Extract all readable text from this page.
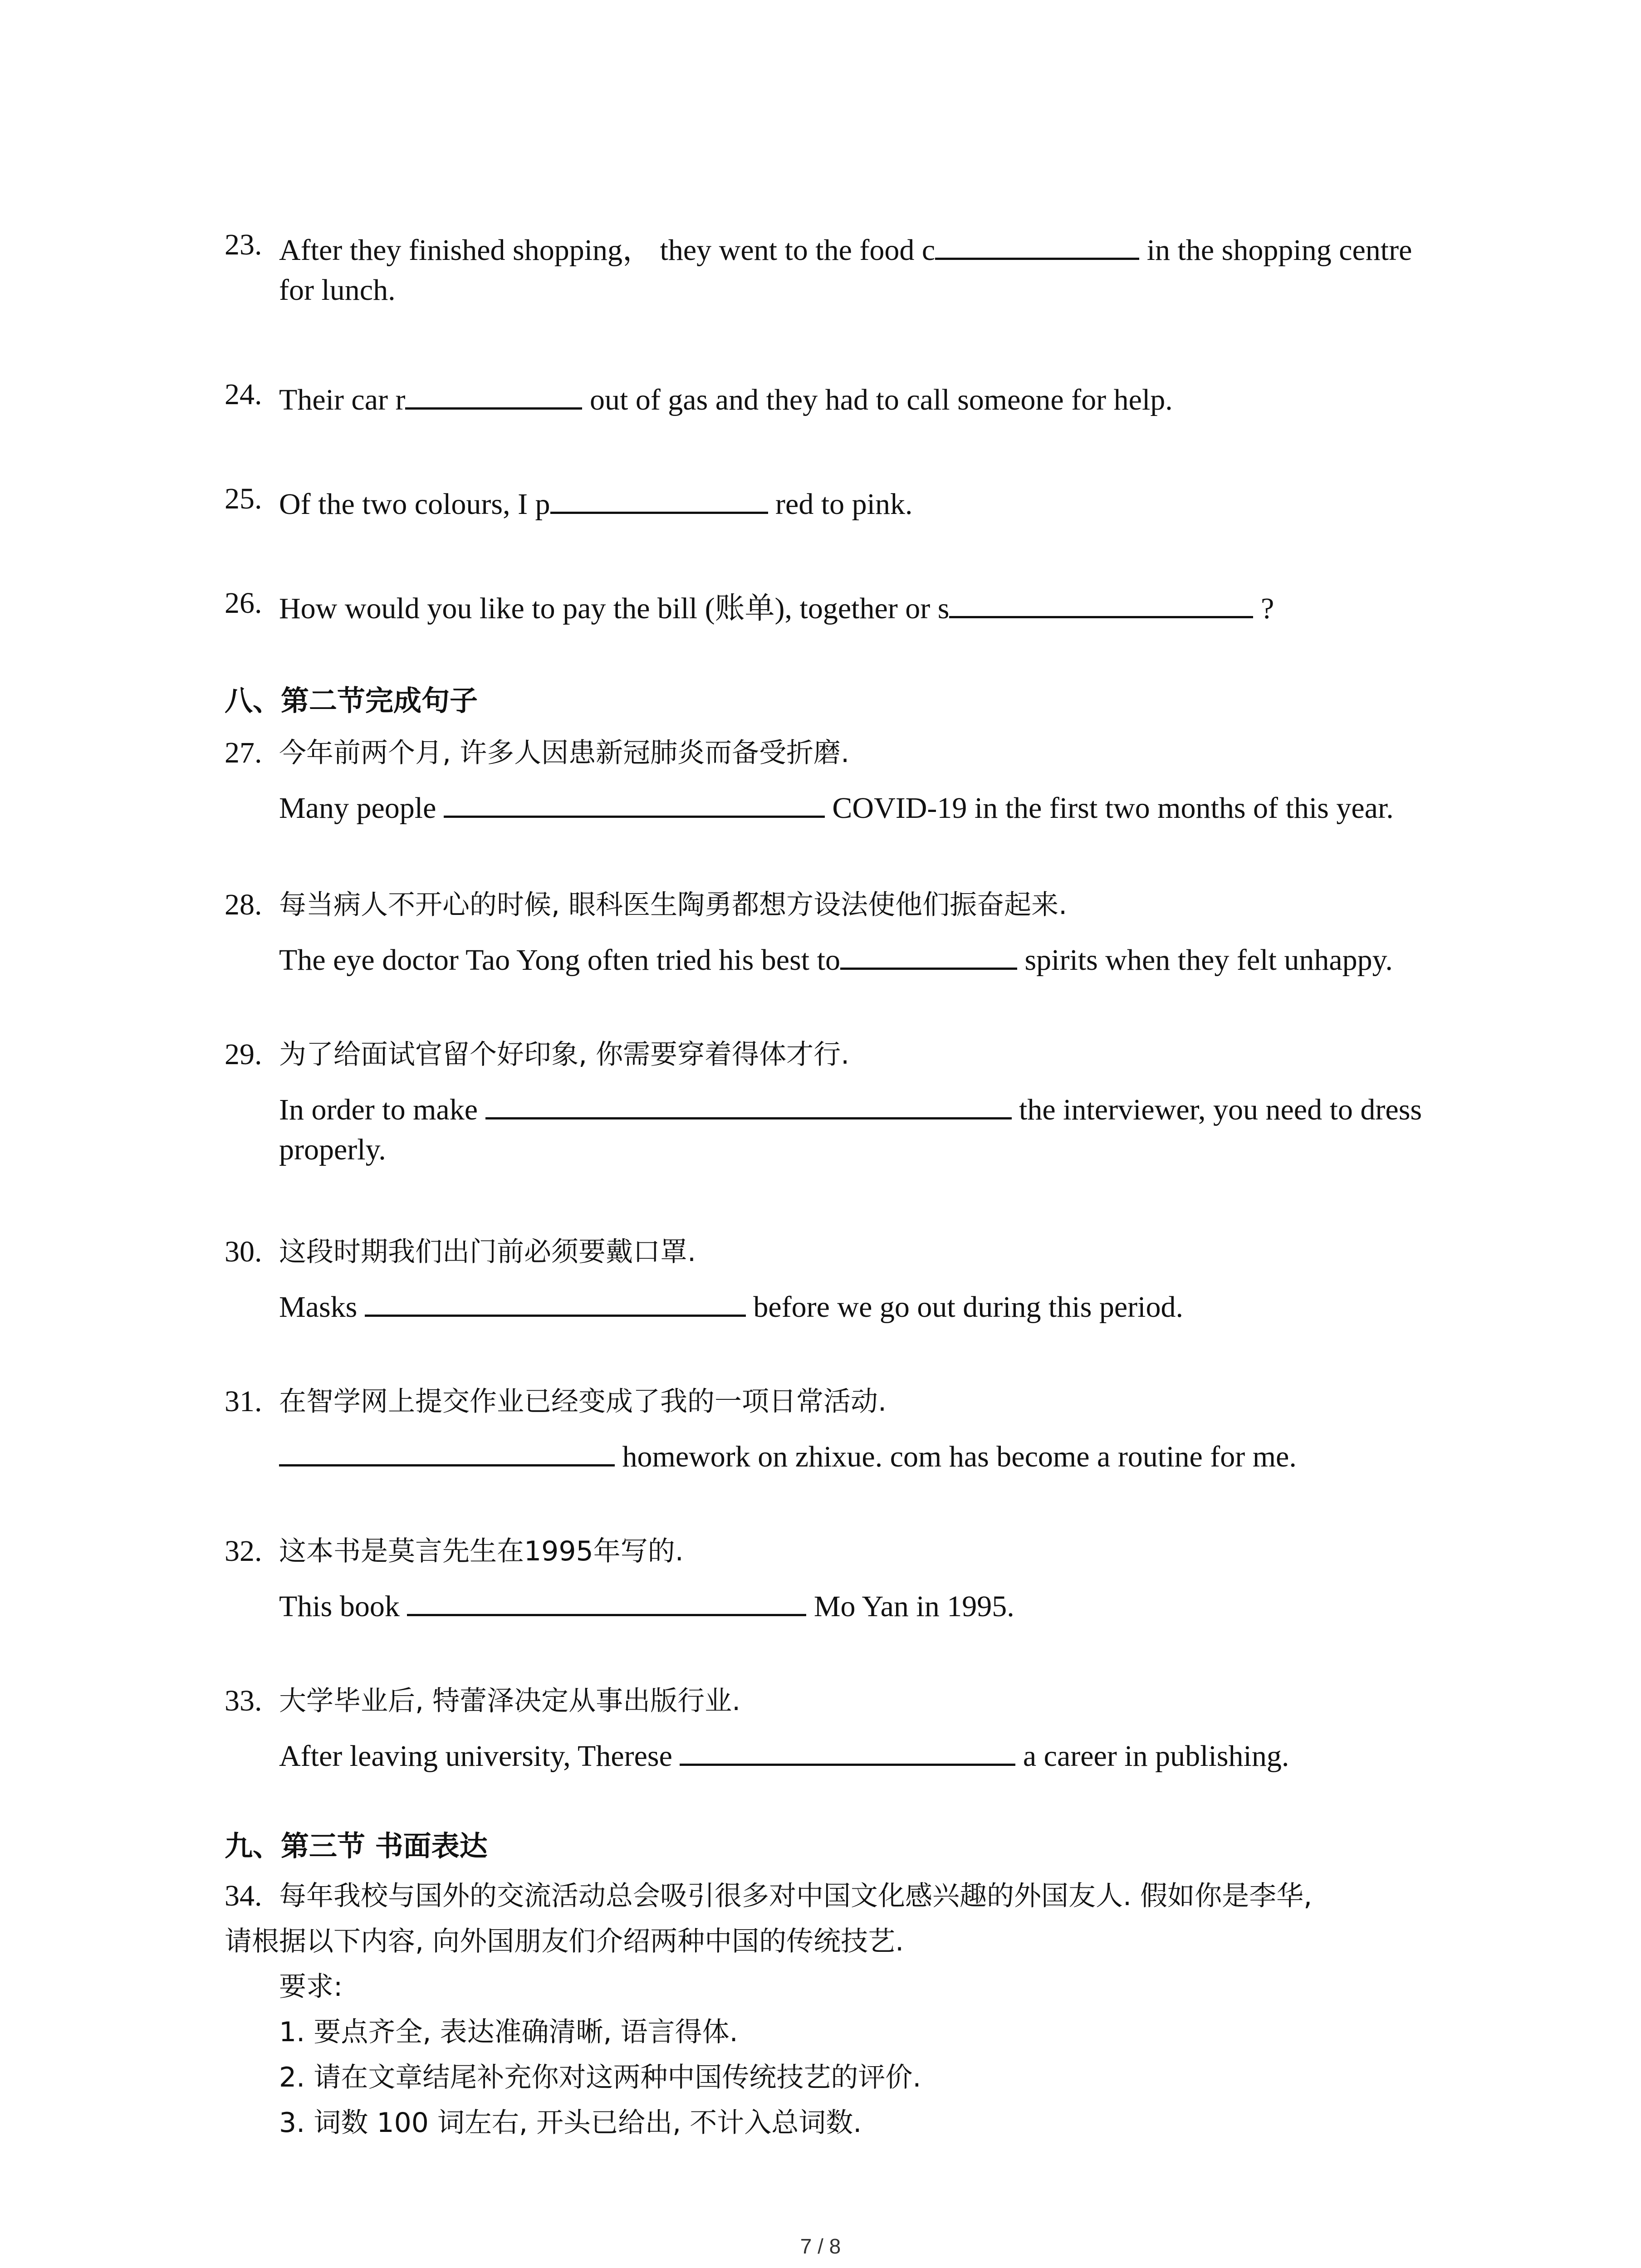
23. After they finished shopping， they went to the food c	in the shopping centre
for lunch.
24. Their car r	out of gas and they had to call someone for help.
25. Of the two colours, I p	red to pink.
26. How would you like to pay the bill (账单), together or s	?
八、第二节完成句子
27. 今年前两个月, 许多人因患新冠肺炎而备受折磨.
Many people	COVID-19 in the first two months of this year.
28. 每当病人不开心的时候, 眼科医生陶勇都想方设法使他们振奋起来.
The eye doctor Tao Yong often tried his best to	spirits when they felt unhappy.
29. 为了给面试官留个好印象, 你需要穿着得体才行.
In order to make	the interviewer, you need to dress
properly.
30. 这段时期我们出门前必须要戴口罩.
Masks	before we go out during this period.
31. 在智学网上提交作业已经变成了我的一项日常活动.
homework on zhixue. com has become a routine for me.
32. 这本书是莫言先生在1995年写的.
This book	Mo Yan in 1995.
33. 大学毕业后, 特蕾泽决定从事出版行业.
After leaving university, Therese	a career in publishing.
九、第三节 书面表达
34. 每年我校与国外的交流活动总会吸引很多对中国文化感兴趣的外国友人. 假如你是李华,
请根据以下内容, 向外国朋友们介绍两种中国的传统技艺.
要求:
1. 要点齐全, 表达准确清晰, 语言得体.
2. 请在文章结尾补充你对这两种中国传统技艺的评价.
3. 词数 100 词左右, 开头已给出, 不计入总词数.
7 / 8
